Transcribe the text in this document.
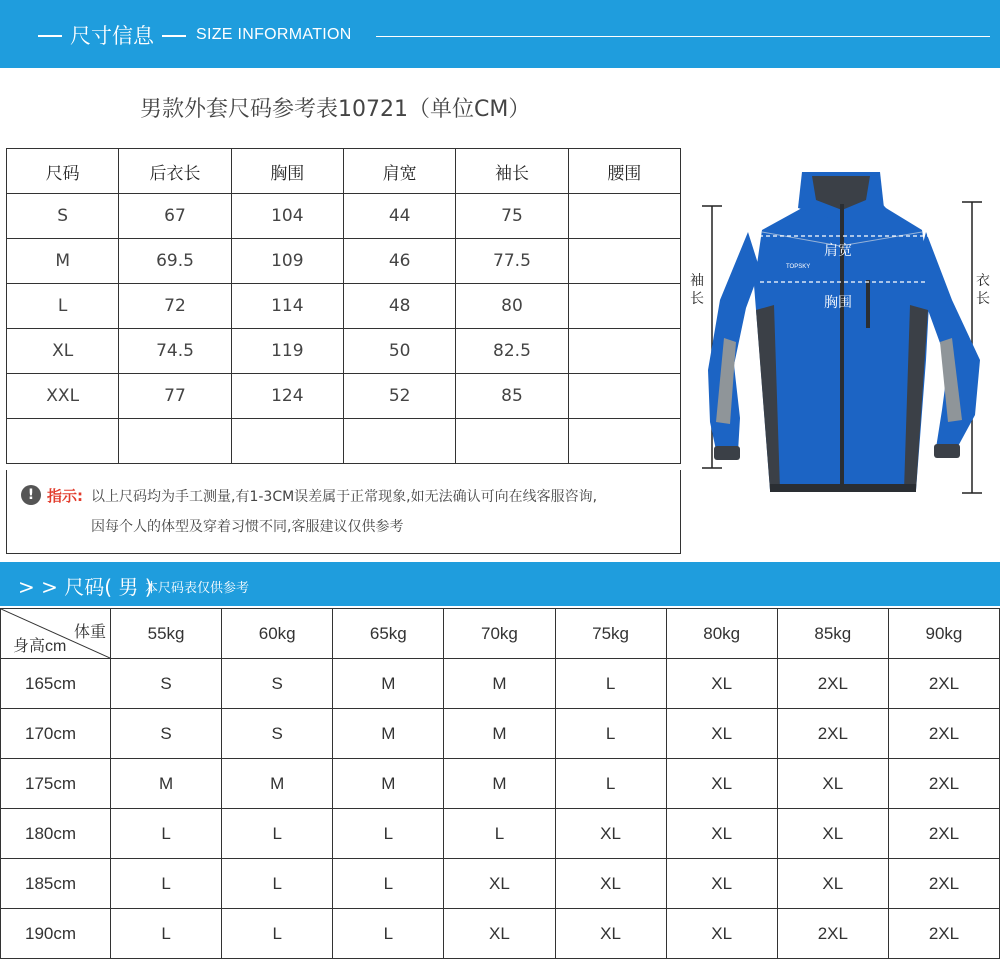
尺寸信息	SIZE INFORMATION
男款外套尺码参考表10721（单位CM）
尺码	后衣长	胸围	肩宽	袖长	腰围
S	67	104	44	75	
M	69.5	109	46	77.5	
L	72	114	48	80	
XL	74.5	119	50	82.5	
XXL	77	124	52	85	

! 指示: 以上尺码均为手工测量,有1-3CM误差属于正常现象,如无法确认可向在线客服咨询,
因每个人的体型及穿着习惯不同,客服建议仅供参考
肩宽
胸围
TOPSKY
袖长
衣长
> > 尺码( 男 )
本尺码表仅供参考
体重
身高cm	55kg	60kg	65kg	70kg	75kg	80kg	85kg	90kg
165cm	S	S	M	M	L	XL	2XL	2XL
170cm	S	S	M	M	L	XL	2XL	2XL
175cm	M	M	M	M	L	XL	XL	2XL
180cm	L	L	L	L	XL	XL	XL	2XL
185cm	L	L	L	XL	XL	XL	XL	2XL
190cm	L	L	L	XL	XL	XL	2XL	2XL
